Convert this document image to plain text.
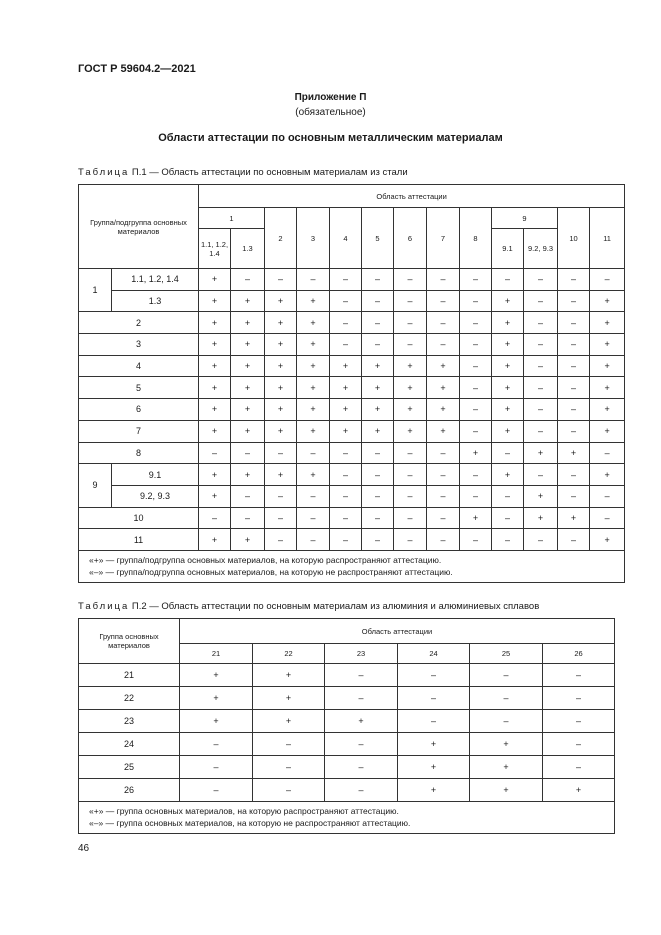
ГОСТ Р 59604.2—2021
Приложение П
(обязательное)
Области аттестации по основным металлическим материалам
Таблица П.1 — Область аттестации по основным материалам из стали
Группа/подгруппа основных материалов		Область аттестации												
		1		2	3	4	5	6	7	8	9		10	11
		1.1, 1.2, 1.4	1.3								9.1	9.2, 9.3		
1	1.1, 1.2, 1.4	+	–	–	–	–	–	–	–	–	–	–	–	–
	1.3	+	+	+	+	–	–	–	–	–	+	–	–	+
2		+	+	+	+	–	–	–	–	–	+	–	–	+
3		+	+	+	+	–	–	–	–	–	+	–	–	+
4		+	+	+	+	+	+	+	+	–	+	–	–	+
5		+	+	+	+	+	+	+	+	–	+	–	–	+
6		+	+	+	+	+	+	+	+	–	+	–	–	+
7		+	+	+	+	+	+	+	+	–	+	–	–	+
8		–	–	–	–	–	–	–	–	+	–	+	+	–
9	9.1	+	+	+	+	–	–	–	–	–	+	–	–	+
	9.2, 9.3	+	–	–	–	–	–	–	–	–	–	+	–	–
10		–	–	–	–	–	–	–	–	+	–	+	+	–
11		+	+	–	–	–	–	–	–	–	–	–	–	+

«+» — группа/подгруппа основных материалов, на которую распространяют аттестацию.
«–» — группа/подгруппа основных материалов, на которую не распространяют аттестацию.														
Таблица П.2 — Область аттестации по основным материалам из алюминия и алюминиевых сплавов
Группа основных материалов	Область аттестации					
	21	22	23	24	25	26
21	+	+	–	–	–	–
22	+	+	–	–	–	–
23	+	+	+	–	–	–
24	–	–	–	+	+	–
25	–	–	–	+	+	–
26	–	–	–	+	+	+

«+» — группа основных материалов, на которую распространяют аттестацию.
«–» — группа основных материалов, на которую не распространяют аттестацию.						
46
